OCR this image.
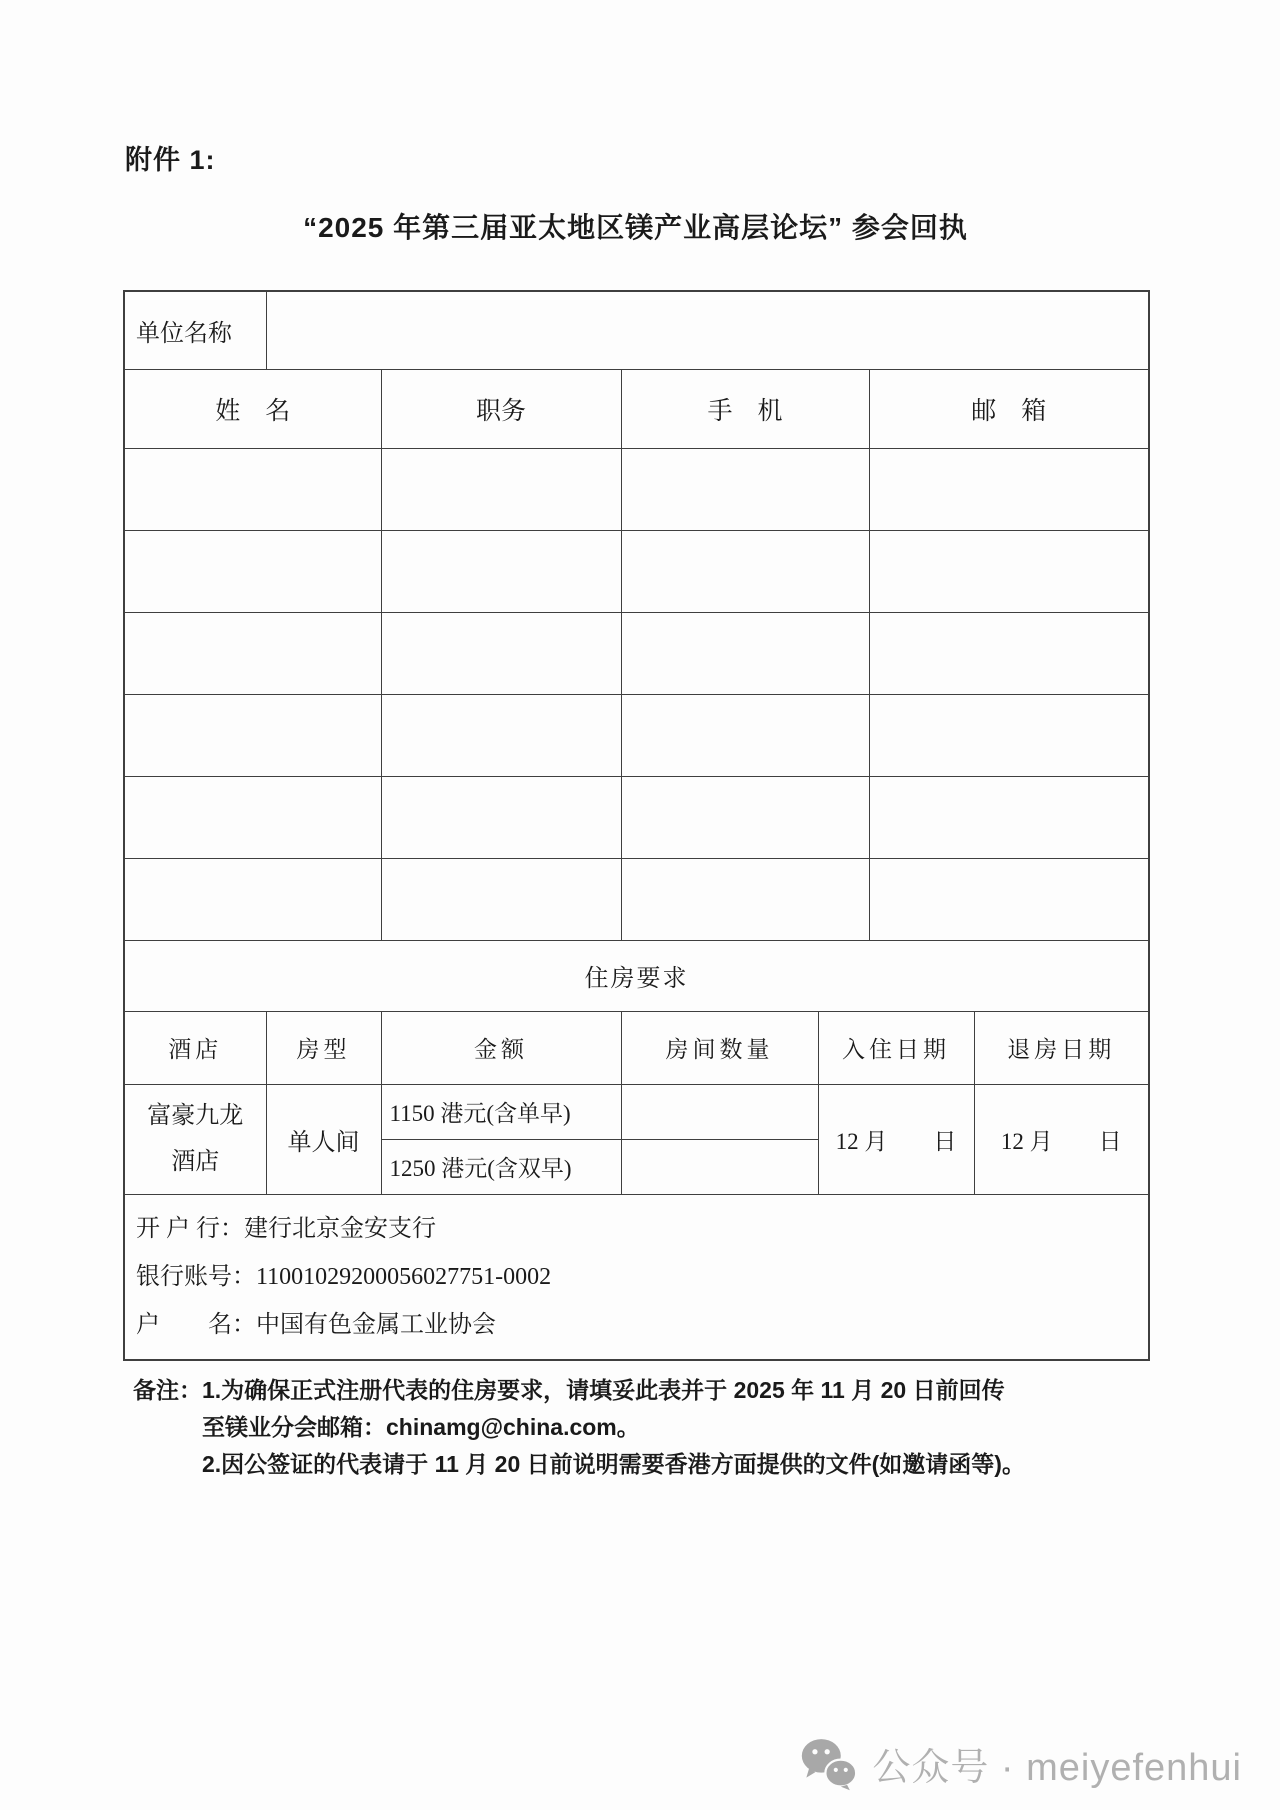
附件 1:
“2025 年第三届亚太地区镁产业高层论坛” 参会回执
单位名称						
姓　名		职务	手　机		邮　箱	

住房要求						
酒店	房型	金额	房间数量	入住日期		退房日期
富豪九龙
酒店	单人间	1150 港元(含单早)		12 月　　日		12 月　　日
		1250 港元(含双早)				

开 户 行：建行北京金安支行
银行账号：11001029200056027751-0002
户　　名：中国有色金属工业协会						
备注： 1.为确保正式注册代表的住房要求，请填妥此表并于 2025 年 11 月 20 日前回传
至镁业分会邮箱：chinamg@china.com。
2.因公签证的代表请于 11 月 20 日前说明需要香港方面提供的文件(如邀请函等)。
公众号 · meiyefenhui
